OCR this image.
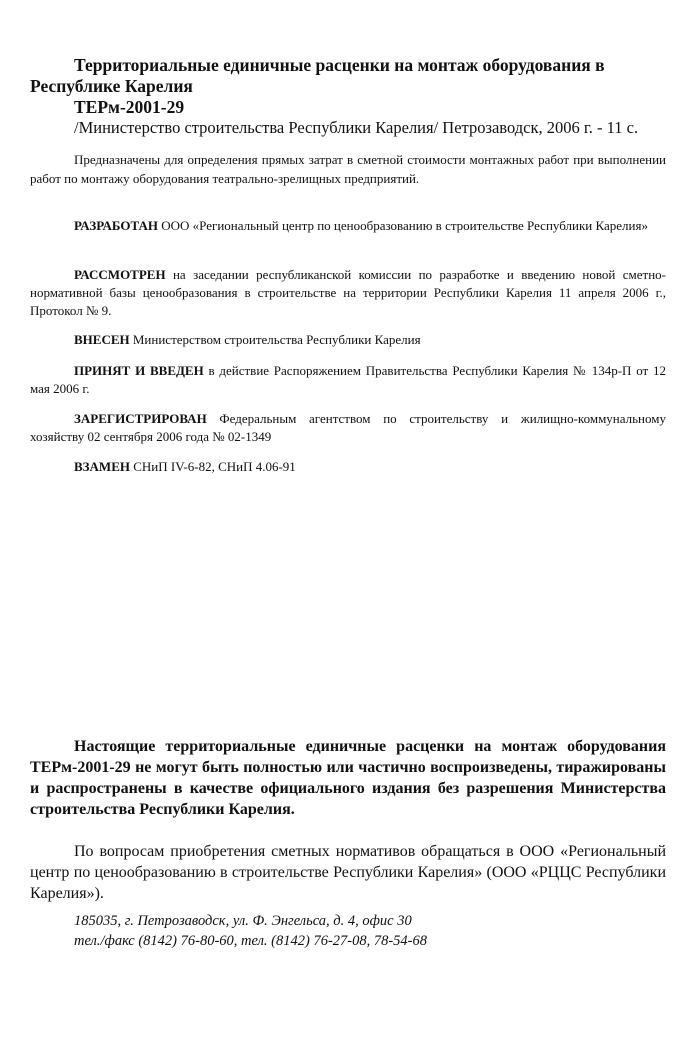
Территориальные единичные расценки на монтаж оборудования в Республике Карелия

ТЕРм-2001-29

/Министерство строительства Республики Карелия/ Петрозаводск, 2006 г. - 11 с.

Предназначены для определения прямых затрат в сметной стоимости монтажных работ при выполнении работ по монтажу оборудования театрально-зрелищных предприятий.

РАЗРАБОТАН ООО «Региональный центр по ценообразованию в строительстве Республики Карелия»

РАССМОТРЕН на заседании республиканской комиссии по разработке и введению новой сметно-нормативной базы ценообразования в строительстве на территории Республики Карелия 11 апреля 2006 г., Протокол № 9.

ВНЕСЕН Министерством строительства Республики Карелия

ПРИНЯТ И ВВЕДЕН в действие Распоряжением Правительства Республики Карелия № 134р-П от 12 мая 2006 г.

ЗАРЕГИСТРИРОВАН Федеральным агентством по строительству и жилищно-коммунальному хозяйству 02 сентября 2006 года № 02-1349

ВЗАМЕН СНиП IV-6-82, СНиП 4.06-91

Настоящие территориальные единичные расценки на монтаж оборудования ТЕРм-2001-29 не могут быть полностью или частично воспроизведены, тиражированы и распространены в качестве официального издания без разрешения Министерства строительства Республики Карелия.

По вопросам приобретения сметных нормативов обращаться в ООО «Региональный центр по ценообразованию в строительстве Республики Карелия» (ООО «РЦЦС Республики Карелия»).

185035, г. Петрозаводск, ул. Ф. Энгельса, д. 4, офис 30

тел./факс (8142) 76-80-60, тел. (8142) 76-27-08, 78-54-68
